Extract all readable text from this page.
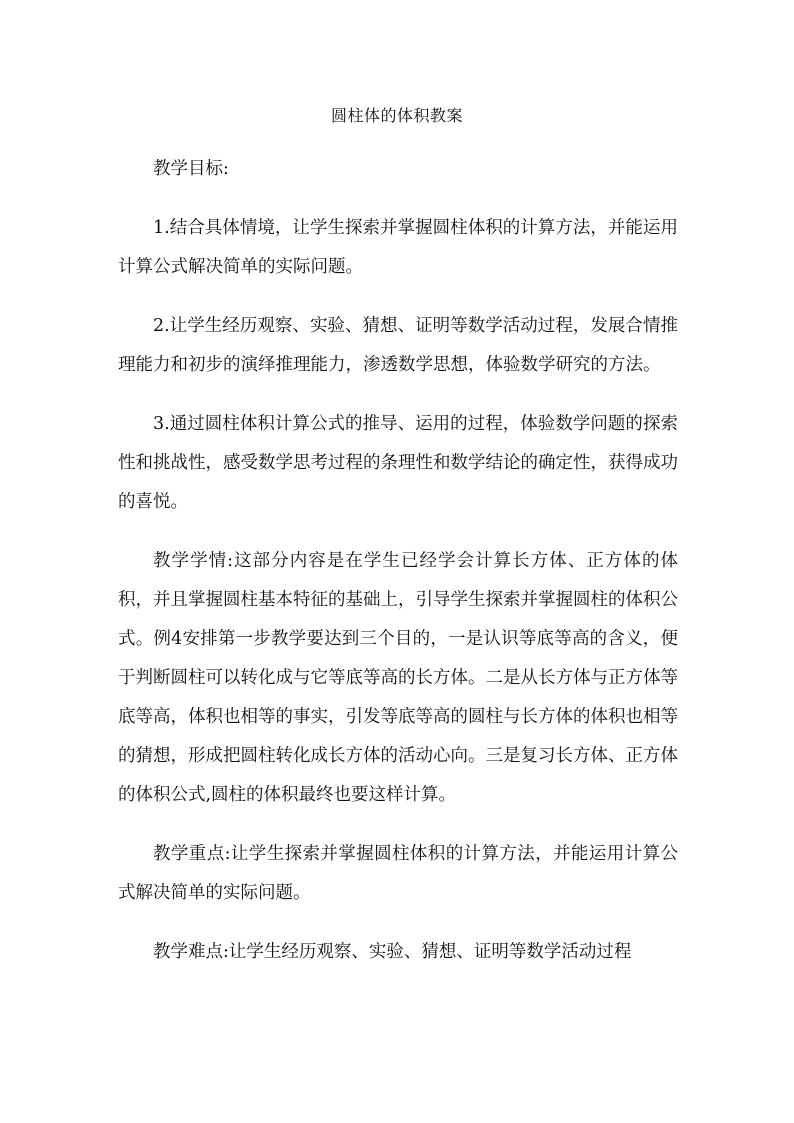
圆柱体的体积教案

教学目标:

1.结合具体情境，让学生探索并掌握圆柱体积的计算方法，并能运用计算公式解决简单的实际问题。

2.让学生经历观察、实验、猜想、证明等数学活动过程，发展合情推理能力和初步的演绎推理能力，渗透数学思想，体验数学研究的方法。

3.通过圆柱体积计算公式的推导、运用的过程，体验数学问题的探索性和挑战性，感受数学思考过程的条理性和数学结论的确定性，获得成功的喜悦。

教学学情:这部分内容是在学生已经学会计算长方体、正方体的体积，并且掌握圆柱基本特征的基础上，引导学生探索并掌握圆柱的体积公式。例4安排第一步教学要达到三个目的，一是认识等底等高的含义，便于判断圆柱可以转化成与它等底等高的长方体。二是从长方体与正方体等底等高，体积也相等的事实，引发等底等高的圆柱与长方体的体积也相等的猜想，形成把圆柱转化成长方体的活动心向。三是复习长方体、正方体的体积公式,圆柱的体积最终也要这样计算。

教学重点:让学生探索并掌握圆柱体积的计算方法，并能运用计算公式解决简单的实际问题。

教学难点:让学生经历观察、实验、猜想、证明等数学活动过程
